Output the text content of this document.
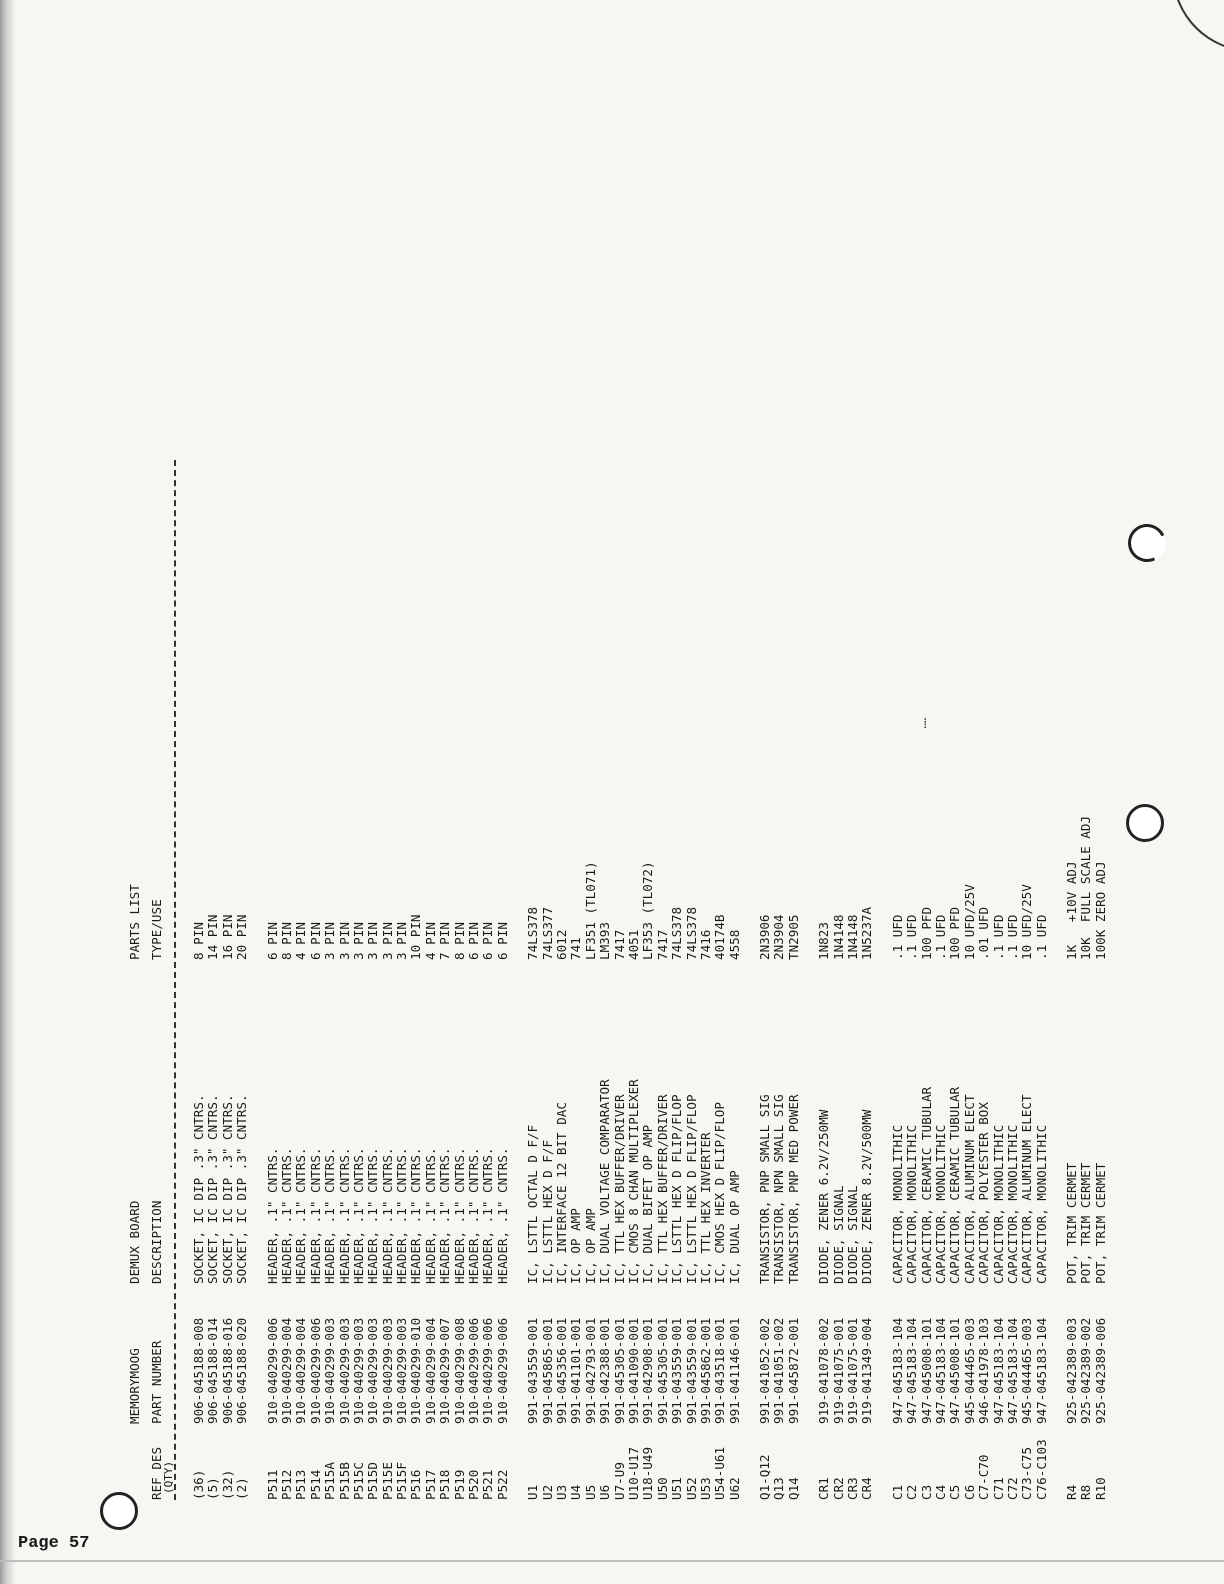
MEMORYMOOG
DEMUX BOARD
PARTS LIST
REF DES
(QTY)
PART NUMBER
DESCRIPTION
TYPE/USE
(36)
906-045188-008
SOCKET, IC DIP .3" CNTRS.
8 PIN
(5)
906-045188-014
SOCKET, IC DIP .3" CNTRS.
14 PIN
(32)
906-045188-016
SOCKET, IC DIP .3" CNTRS.
16 PIN
(2)
906-045188-020
SOCKET, IC DIP .3" CNTRS.
20 PIN
P511
910-040299-006
HEADER, .1" CNTRS.
6 PIN
P512
910-040299-004
HEADER, .1" CNTRS.
8 PIN
P513
910-040299-004
HEADER, .1" CNTRS.
4 PIN
P514
910-040299-006
HEADER, .1" CNTRS.
6 PIN
P515A
910-040299-003
HEADER, .1" CNTRS.
3 PIN
P515B
910-040299-003
HEADER, .1" CNTRS.
3 PIN
P515C
910-040299-003
HEADER, .1" CNTRS.
3 PIN
P515D
910-040299-003
HEADER, .1" CNTRS.
3 PIN
P515E
910-040299-003
HEADER, .1" CNTRS.
3 PIN
P515F
910-040299-003
HEADER, .1" CNTRS.
3 PIN
P516
910-040299-010
HEADER, .1" CNTRS.
10 PIN
P517
910-040299-004
HEADER, .1" CNTRS.
4 PIN
P518
910-040299-007
HEADER, .1" CNTRS.
7 PIN
P519
910-040299-008
HEADER, .1" CNTRS.
8 PIN
P520
910-040299-006
HEADER, .1" CNTRS.
6 PIN
P521
910-040299-006
HEADER, .1" CNTRS.
6 PIN
P522
910-040299-006
HEADER, .1" CNTRS.
6 PIN
U1
991-043559-001
IC, LSTTL OCTAL D F/F
74LS378
U2
991-045865-001
IC, LSTTL HEX D F/F
74LS377
U3
991-045356-001
IC, INTERFACE 12 BIT DAC
6012
U4
991-041101-001
IC, OP AMP
741
U5
991-042793-001
IC, OP AMP
LF351 (TL071)
U6
991-042388-001
IC, DUAL VOLTAGE COMPARATOR
LM393
U7-U9
991-045305-001
IC, TTL HEX BUFFER/DRIVER
7417
U10-U17
991-041090-001
IC, CMOS 8 CHAN MULTIPLEXER
4051
U18-U49
991-042908-001
IC, DUAL BIFET OP AMP
LF353 (TL072)
U50
991-045305-001
IC, TTL HEX BUFFER/DRIVER
7417
U51
991-043559-001
IC, LSTTL HEX D FLIP/FLOP
74LS378
U52
991-043559-001
IC, LSTTL HEX D FLIP/FLOP
74LS378
U53
991-045862-001
IC, TTL HEX INVERTER
7416
U54-U61
991-043518-001
IC, CMOS HEX D FLIP/FLOP
40174B
U62
991-041146-001
IC, DUAL OP AMP
4558
Q1-Q12
991-041052-002
TRANSISTOR, PNP SMALL SIG
2N3906
Q13
991-041051-002
TRANSISTOR, NPN SMALL SIG
2N3904
Q14
991-045872-001
TRANSISTOR, PNP MED POWER
TN2905
CR1
919-041078-002
DIODE, ZENER 6.2V/250MW
1N823
CR2
919-041075-001
DIODE, SIGNAL
1N4148
CR3
919-041075-001
DIODE, SIGNAL
1N4148
CR4
919-041349-004
DIODE, ZENER 8.2V/500MW
1N5237A
C1
947-045183-104
CAPACITOR, MONOLITHIC
.1 UFD
C2
947-045183-104
CAPACITOR, MONOLITHIC
.1 UFD
C3
947-045008-101
CAPACITOR, CERAMIC TUBULAR
100 PFD
C4
947-045183-104
CAPACITOR, MONOLITHIC
.1 UFD
C5
947-045008-101
CAPACITOR, CERAMIC TUBULAR
100 PFD
C6
945-044465-003
CAPACITOR, ALUMINUM ELECT
10 UFD/25V
C7-C70
946-041978-103
CAPACITOR, POLYESTER BOX
.01 UFD
C71
947-045183-104
CAPACITOR, MONOLITHIC
.1 UFD
C72
947-045183-104
CAPACITOR, MONOLITHIC
.1 UFD
C73-C75
945-044465-003
CAPACITOR, ALUMINUM ELECT
10 UFD/25V
C76-C103
947-045183-104
CAPACITOR, MONOLITHIC
.1 UFD
R4
925-042389-003
POT, TRIM CERMET
1K   +10V ADJ
R8
925-042389-002
POT, TRIM CERMET
10K  FULL SCALE ADJ
R10
925-042389-006
POT, TRIM CERMET
100K ZERO ADJ
⁞
Page 57
